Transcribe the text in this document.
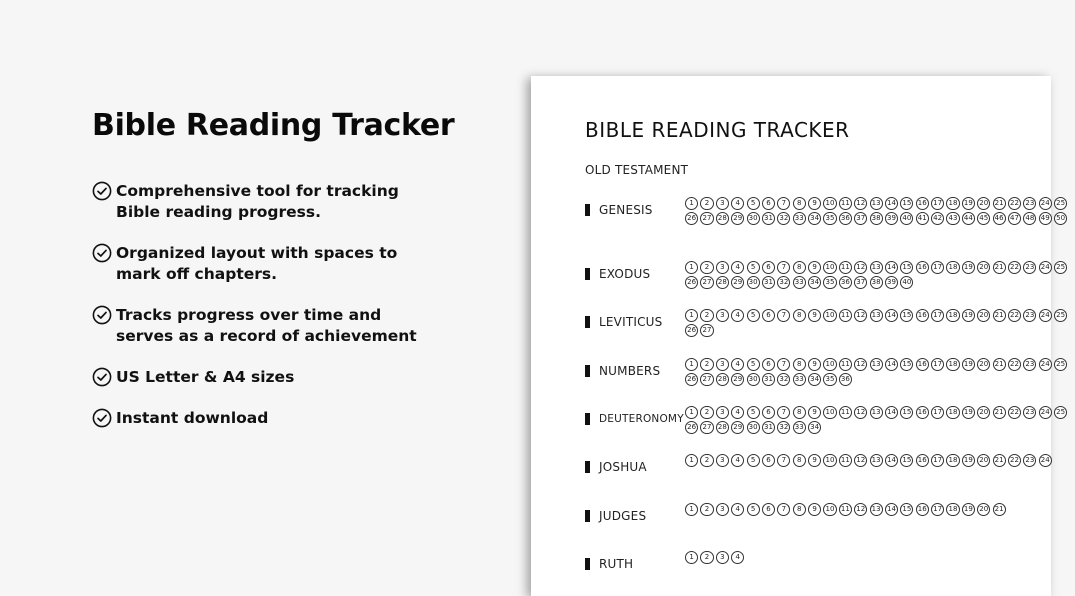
Bible Reading Tracker
Comprehensive tool for tracking Bible reading progress.
Organized layout with spaces to mark off chapters.
Tracks progress over time and serves as a record of achievement
US Letter & A4 sizes
Instant download
BIBLE READING TRACKER
OLD TESTAMENT
GENESIS	1	2	3	4	5	6	7	8	9	10 11 12 13 14 15 16 17 18 19 20 21 22 23 24 25
26 27 28 29 30 31 32 33 34 35 36 37 38 39 40 41 42 43 44 45 46 47 48 49 50
EXODUS	1	2	3	4	5	6	7	8	9	10 11 12 13 14 15 16 17 18 19 20 21 22 23 24 25
26 27 28 29 30 31 32 33 34 35 36 37 38 39 40
LEVITICUS	1	2	3	4	5	6	7	8	9	10 11 12 13 14 15 16 17 18 19 20 21 22 23 24 25
26 27
NUMBERS	1	2	3	4	5	6	7	8	9	10 11 12 13 14 15 16 17 18 19 20 21 22 23 24 25
26 27 28 29 30 31 32 33 34 35 36
DEUTERONOMY
1	2	3	4	5	6	7	8	9	10 11 12 13 14 15 16 17 18 19 20 21 22 23 24 25
26 27 28 29 30 31 32 33 34
JOSHUA	1	2	3	4	5	6	7	8	9	10 11 12 13 14 15 16 17 18 19 20 21 22 23 24
JUDGES	1	2	3	4	5	6	7	8	9	10 11 12 13 14 15 16 17 18 19 20 21
RUTH	1	2	3	4
